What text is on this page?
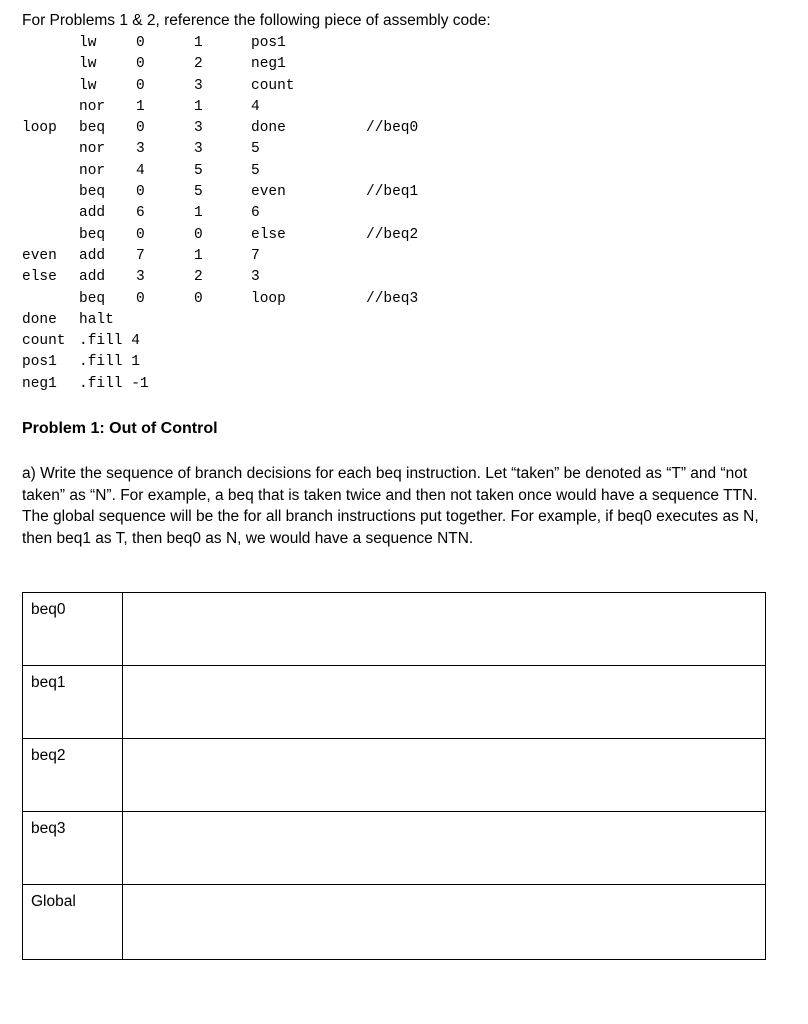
For Problems 1 & 2, reference the following piece of assembly code:

lw	0	1	pos1
lw	0	2	neg1
lw	0	3	count
nor 1	1	4
loop beq 0	3	done	//beq0
nor 3	3	5
nor 4	5	5
beq 0	5	even	//beq1
add 6	1	6
beq 0	0	else	//beq2
even add 7	1	7
else add 3	2	3
beq 0	0	loop	//beq3
done halt
count .fill 4
pos1 .fill 1
neg1 .fill -1

Problem 1: Out of Control

a) Write the sequence of branch decisions for each beq instruction. Let “taken” be denoted as “T” and “not taken” as “N”. For example, a beq that is taken twice and then not taken once would have a sequence TTN. The global sequence will be the for all branch instructions put together. For example, if beq0 executes as N, then beq1 as T, then beq0 as N, we would have a sequence NTN.

beq0	
beq1	
beq2	
beq3	
Global	
